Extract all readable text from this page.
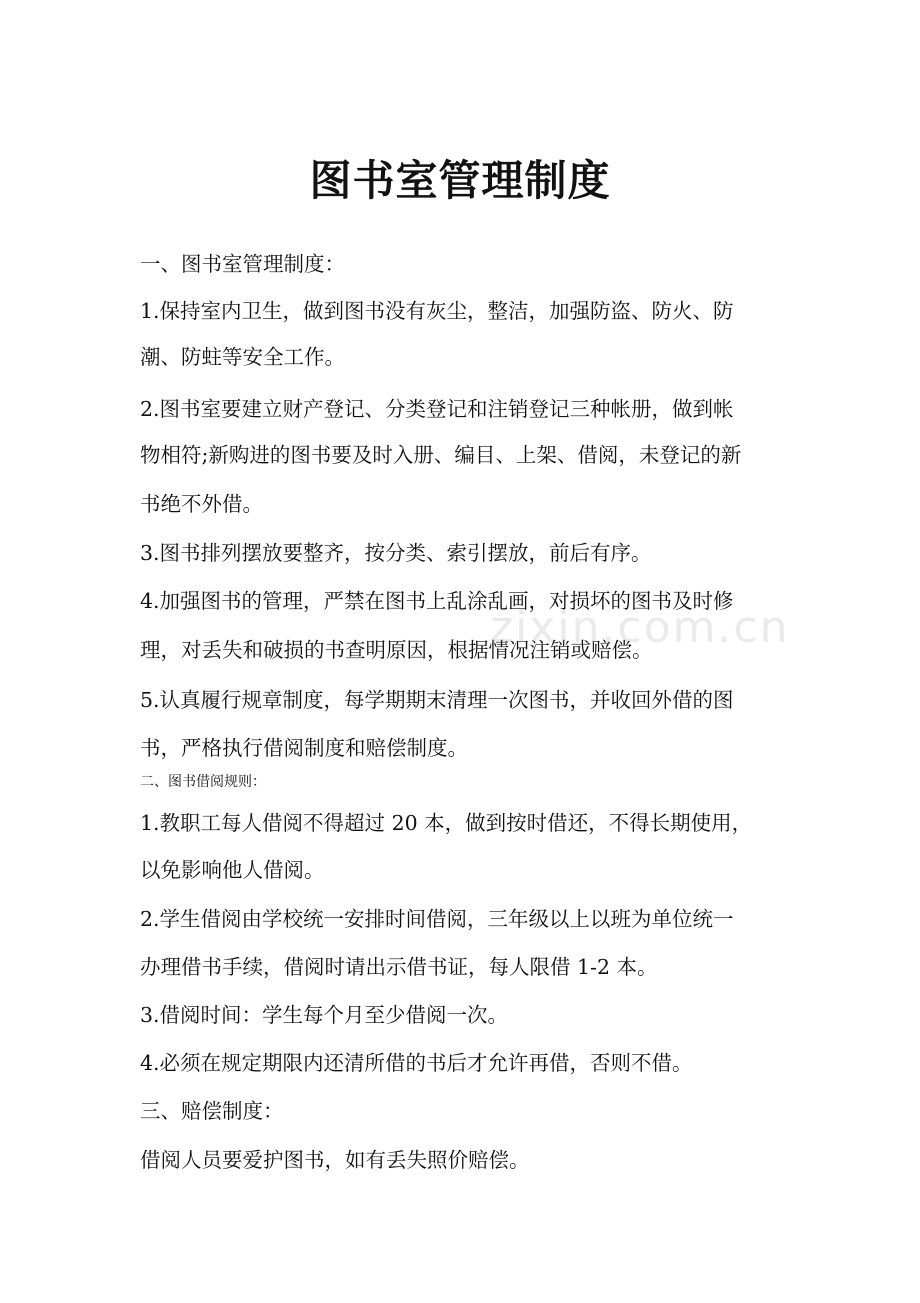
图书室管理制度
一、图书室管理制度：
1.保持室内卫生，做到图书没有灰尘，整洁，加强防盗、防火、防
潮、防蛀等安全工作。
2.图书室要建立财产登记、分类登记和注销登记三种帐册，做到帐
物相符;新购进的图书要及时入册、编目、上架、借阅，未登记的新
书绝不外借。
3.图书排列摆放要整齐，按分类、索引摆放，前后有序。
4.加强图书的管理，严禁在图书上乱涂乱画，对损坏的图书及时修
理，对丢失和破损的书查明原因，根据情况注销或赔偿。
5.认真履行规章制度，每学期期末清理一次图书，并收回外借的图
书，严格执行借阅制度和赔偿制度。
二、图书借阅规则：
1.教职工每人借阅不得超过 20 本，做到按时借还，不得长期使用，
以免影响他人借阅。
2.学生借阅由学校统一安排时间借阅，三年级以上以班为单位统一
办理借书手续，借阅时请出示借书证，每人限借 1-2 本。
3.借阅时间：学生每个月至少借阅一次。
4.必须在规定期限内还清所借的书后才允许再借，否则不借。
三、赔偿制度：
借阅人员要爱护图书，如有丢失照价赔偿。
zixin.com.cn
